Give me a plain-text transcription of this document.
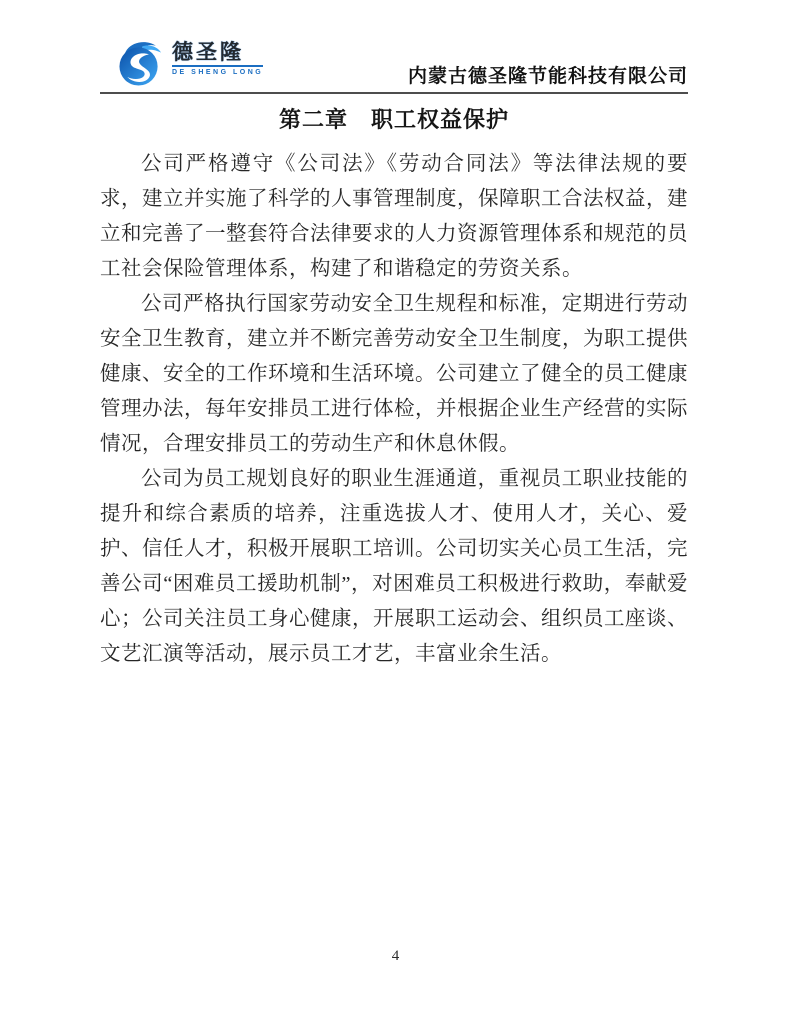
德圣隆
DE SHENG LONG	内蒙古德圣隆节能科技有限公司
第二章　职工权益保护

公司严格遵守《公司法》《劳动合同法》等法律法规的要求，建立并实施了科学的人事管理制度，保障职工合法权益，建立和完善了一整套符合法律要求的人力资源管理体系和规范的员工社会保险管理体系，构建了和谐稳定的劳资关系。

公司严格执行国家劳动安全卫生规程和标准，定期进行劳动安全卫生教育，建立并不断完善劳动安全卫生制度，为职工提供健康、安全的工作环境和生活环境。公司建立了健全的员工健康管理办法，每年安排员工进行体检，并根据企业生产经营的实际情况，合理安排员工的劳动生产和休息休假。

公司为员工规划良好的职业生涯通道，重视员工职业技能的提升和综合素质的培养，注重选拔人才、使用人才，关心、爱护、信任人才，积极开展职工培训。公司切实关心员工生活，完善公司“困难员工援助机制”，对困难员工积极进行救助，奉献爱心；公司关注员工身心健康，开展职工运动会、组织员工座谈、文艺汇演等活动，展示员工才艺，丰富业余生活。

4
